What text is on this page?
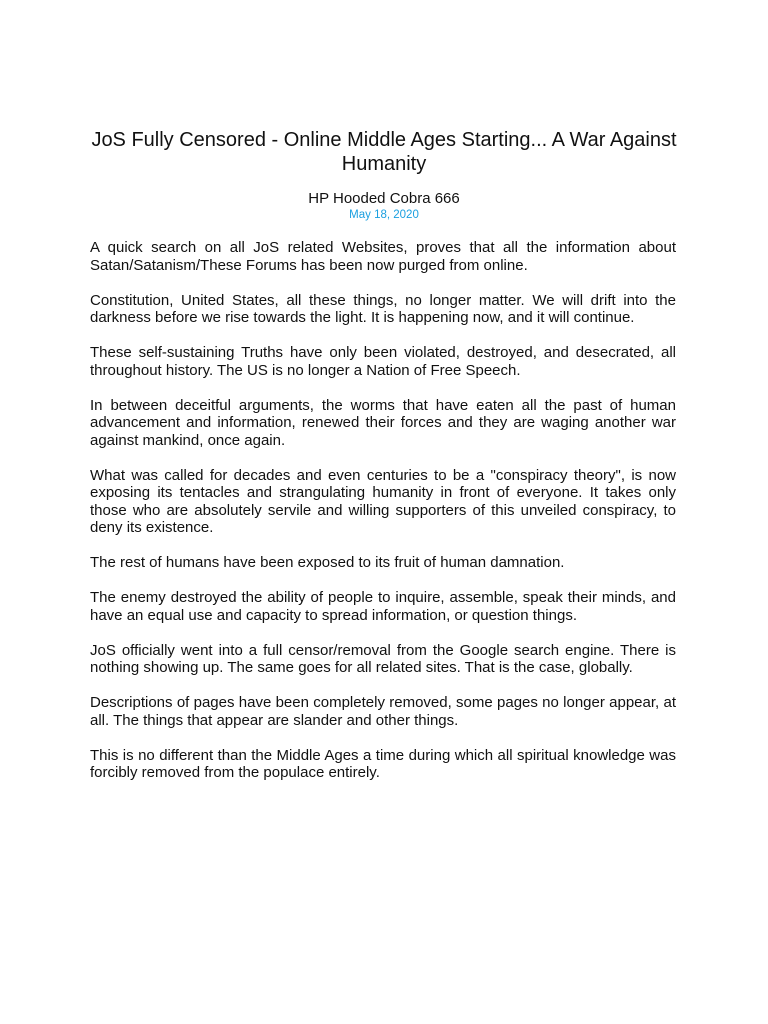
JoS Fully Censored - Online Middle Ages Starting... A War Against Humanity
HP Hooded Cobra 666
May 18, 2020

A quick search on all JoS related Websites, proves that all the information about Satan/Satanism/These Forums has been now purged from online.

Constitution, United States, all these things, no longer matter. We will drift into the darkness before we rise towards the light. It is happening now, and it will continue.

These self-sustaining Truths have only been violated, destroyed, and desecrated, all throughout history. The US is no longer a Nation of Free Speech.

In between deceitful arguments, the worms that have eaten all the past of human advancement and information, renewed their forces and they are waging another war against mankind, once again.

What was called for decades and even centuries to be a "conspiracy theory", is now exposing its tentacles and strangulating humanity in front of everyone. It takes only those who are absolutely servile and willing supporters of this unveiled conspiracy, to deny its existence.

The rest of humans have been exposed to its fruit of human damnation.

The enemy destroyed the ability of people to inquire, assemble, speak their minds, and have an equal use and capacity to spread information, or question things.

JoS officially went into a full censor/removal from the Google search engine. There is nothing showing up. The same goes for all related sites. That is the case, globally.

Descriptions of pages have been completely removed, some pages no longer appear, at all. The things that appear are slander and other things.

This is no different than the Middle Ages a time during which all spiritual knowledge was forcibly removed from the populace entirely.
